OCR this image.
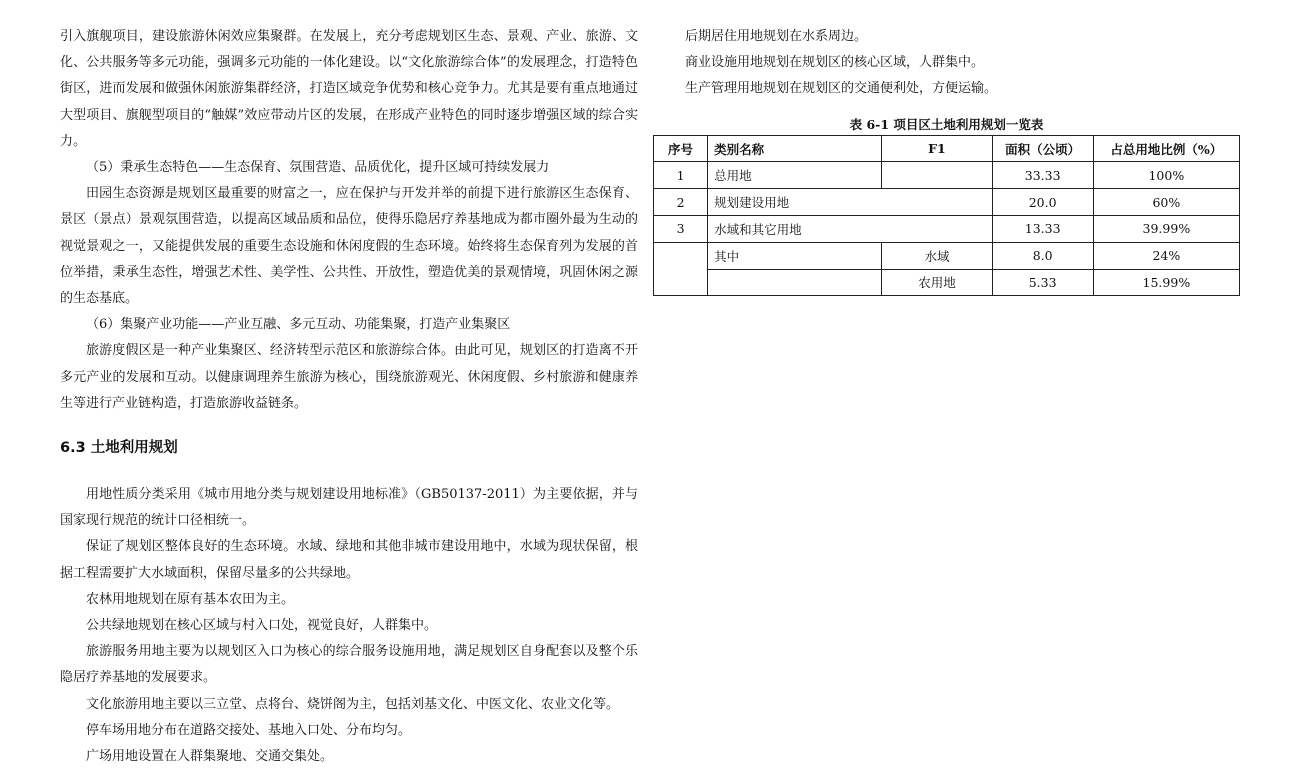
引入旗舰项目，建设旅游休闲效应集聚群。在发展上，充分考虑规划区生态、景观、产业、旅游、文化、公共服务等多元功能，强调多元功能的一体化建设。以“文化旅游综合体”的发展理念，打造特色街区，进而发展和做强休闲旅游集群经济，打造区域竞争优势和核心竞争力。尤其是要有重点地通过大型项目、旗舰型项目的“触媒”效应带动片区的发展，在形成产业特色的同时逐步增强区域的综合实力。

（5）秉承生态特色——生态保育、氛围营造、品质优化，提升区域可持续发展力

田园生态资源是规划区最重要的财富之一，应在保护与开发并举的前提下进行旅游区生态保育、景区（景点）景观氛围营造，以提高区域品质和品位，使得乐隐居疗养基地成为都市圈外最为生动的视觉景观之一，又能提供发展的重要生态设施和休闲度假的生态环境。始终将生态保育列为发展的首位举措，秉承生态性，增强艺术性、美学性、公共性、开放性，塑造优美的景观情境，巩固休闲之源的生态基底。

（6）集聚产业功能——产业互融、多元互动、功能集聚，打造产业集聚区

旅游度假区是一种产业集聚区、经济转型示范区和旅游综合体。由此可见，规划区的打造离不开多元产业的发展和互动。以健康调理养生旅游为核心，围绕旅游观光、休闲度假、乡村旅游和健康养生等进行产业链构造，打造旅游收益链条。

6.3 土地利用规划

用地性质分类采用《城市用地分类与规划建设用地标准》（GB50137-2011）为主要依据，并与国家现行规范的统计口径相统一。

保证了规划区整体良好的生态环境。水域、绿地和其他非城市建设用地中，水域为现状保留，根据工程需要扩大水域面积，保留尽量多的公共绿地。

农林用地规划在原有基本农田为主。

公共绿地规划在核心区域与村入口处，视觉良好，人群集中。

旅游服务用地主要为以规划区入口为核心的综合服务设施用地，满足规划区自身配套以及整个乐隐居疗养基地的发展要求。

文化旅游用地主要以三立堂、点将台、烧饼阁为主，包括刘基文化、中医文化、农业文化等。

停车场用地分布在道路交接处、基地入口处、分布均匀。

广场用地设置在人群集聚地、交通交集处。

后期居住用地规划在水系周边。

商业设施用地规划在规划区的核心区域，人群集中。

生产管理用地规划在规划区的交通便利处，方便运输。

表 6-1 项目区土地利用规划一览表
序号	类别名称	F1	面积（公顷）	占总用地比例（%）
1	总用地		33.33	100%
2	规划建设用地		20.0	60%
3	水域和其它用地		13.33	39.99%
	其中	水域	8.0	24%
		农用地	5.33	15.99%
